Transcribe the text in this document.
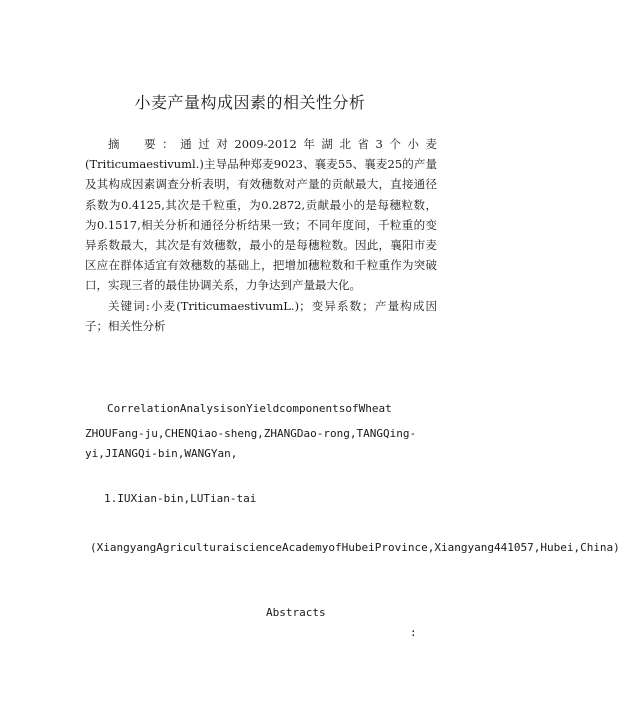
小麦产量构成因素的相关性分析

摘　要：通过对2009-2012年湖北省3个小麦(Triticumaestivuml.)主导品种郑麦9023、襄麦55、襄麦25的产量及其构成因素调查分析表明，有效穗数对产量的贡献最大，直接通径系数为0.4125,其次是千粒重，为0.2872,贡献最小的是每穗粒数，为0.1517,相关分析和通径分析结果一致；不同年度间，千粒重的变异系数最大，其次是有效穗数，最小的是每穗粒数。因此，襄阳市麦区应在群体适宜有效穗数的基础上，把增加穗粒数和千粒重作为突破口，实现三者的最佳协调关系，力争达到产量最大化。

关键词:小麦(TriticumaestivumL.)；变异系数；产量构成因子；相关性分析

CorrelationAnalysisonYieldcomponentsofWheat
ZHOUFang-ju,CHENQiao-sheng,ZHANGDao-rong,TANGQing-yi,JIANGQi-bin,WANGYan,
1.IUXian-bin,LUTian-tai
(XiangyangAgriculturaiscienceAcademyofHubeiProvince,Xiangyang441057,Hubei,China)

Abstracts

:
